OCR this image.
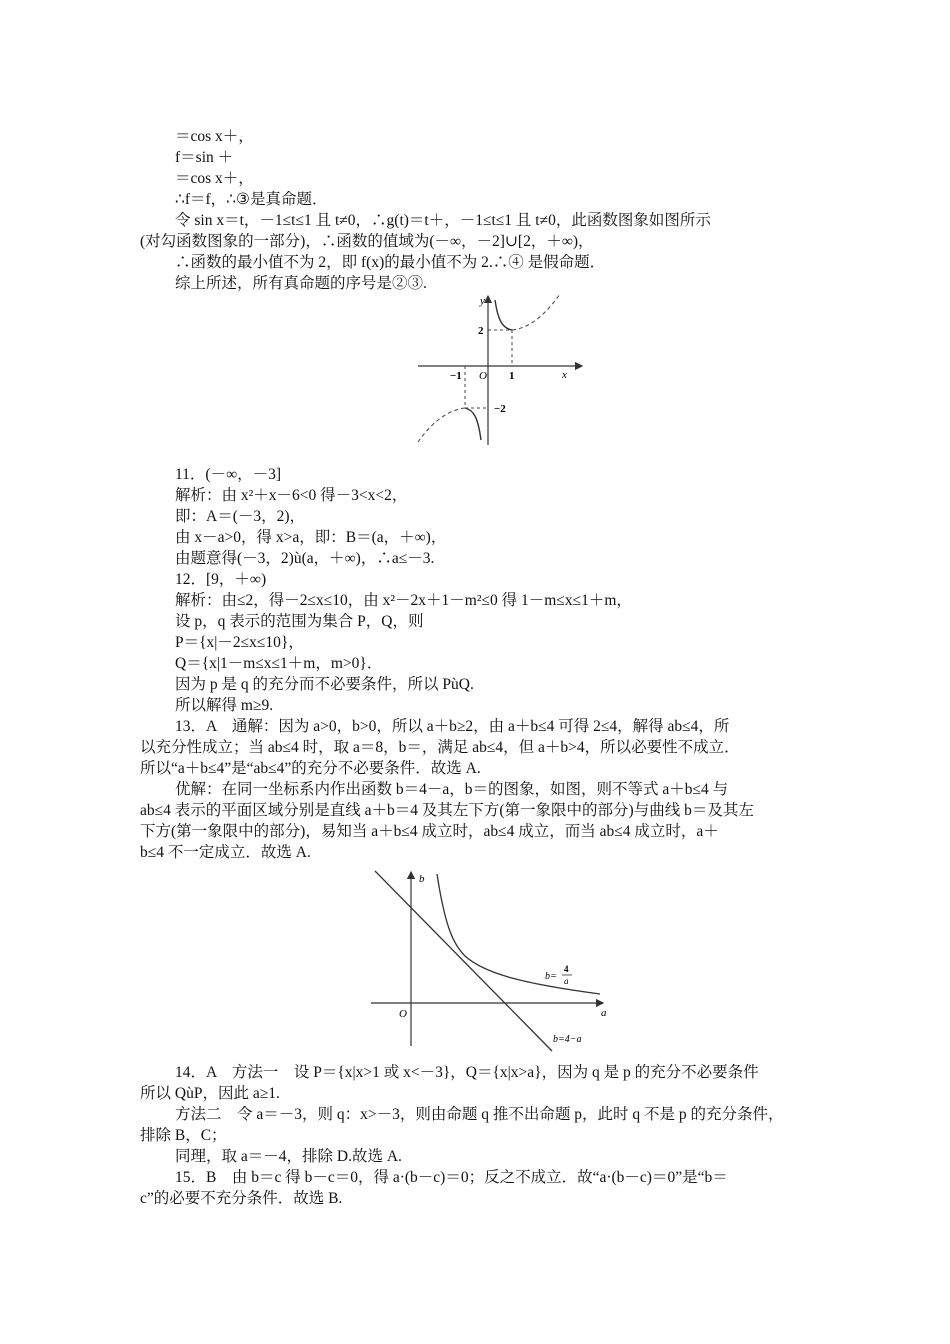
＝cos x＋，
f＝sin ＋
＝cos x＋，
∴f＝f，∴③是真命题．
令 sin x＝t，－1≤t≤1 且 t≠0，∴g(t)＝t＋，－1≤t≤1 且 t≠0，此函数图象如图所示
(对勾函数图象的一部分)，∴函数的值域为(－∞，－2]∪[2，＋∞)，
∴函数的最小值不为 2，即 f(x)的最小值不为 2.∴④ 是假命题．
综上所述，所有真命题的序号是②③.
y
x
O
2
−1	1
−2
11．(－∞，－3]
解析：由 x²＋x－6<0 得－3<x<2，
即：A＝(－3，2)，
由 x－a>0，得 x>a，即：B＝(a，＋∞)，
由题意得(－3，2)ù(a，＋∞)，∴a≤－3.
12．[9，＋∞)
解析：由≤2，得－2≤x≤10，由 x²－2x＋1－m²≤0 得 1－m≤x≤1＋m，
设 p，q 表示的范围为集合 P，Q，则
P＝{x|－2≤x≤10}，
Q＝{x|1－m≤x≤1＋m，m>0}．
因为 p 是 q 的充分而不必要条件，所以 PùQ.
所以解得 m≥9.
13．A　通解：因为 a>0，b>0，所以 a＋b≥2，由 a＋b≤4 可得 2≤4，解得 ab≤4，所
以充分性成立；当 ab≤4 时，取 a＝8，b＝，满足 ab≤4，但 a＋b>4，所以必要性不成立．
所以“a＋b≤4”是“ab≤4”的充分不必要条件．故选 A.
优解：在同一坐标系内作出函数 b＝4－a，b＝的图象，如图，则不等式 a＋b≤4 与
ab≤4 表示的平面区域分别是直线 a＋b＝4 及其左下方(第一象限中的部分)与曲线 b＝及其左
下方(第一象限中的部分)，易知当 a＋b≤4 成立时，ab≤4 成立，而当 ab≤4 成立时，a＋
b≤4 不一定成立．故选 A.
b
a
O
b=
4
a
b=4−a
14．A　方法一　设 P＝{x|x>1 或 x<－3}，Q＝{x|x>a}，因为 q 是 p 的充分不必要条件
所以 QùP，因此 a≥1.
方法二　令 a＝－3，则 q：x>－3，则由命题 q 推不出命题 p，此时 q 不是 p 的充分条件，
排除 B，C；
同理，取 a＝－4，排除 D.故选 A.
15．B　由 b＝c 得 b－c＝0，得 a·(b－c)＝0；反之不成立．故“a·(b－c)＝0”是“b＝
c”的必要不充分条件．故选 B.
